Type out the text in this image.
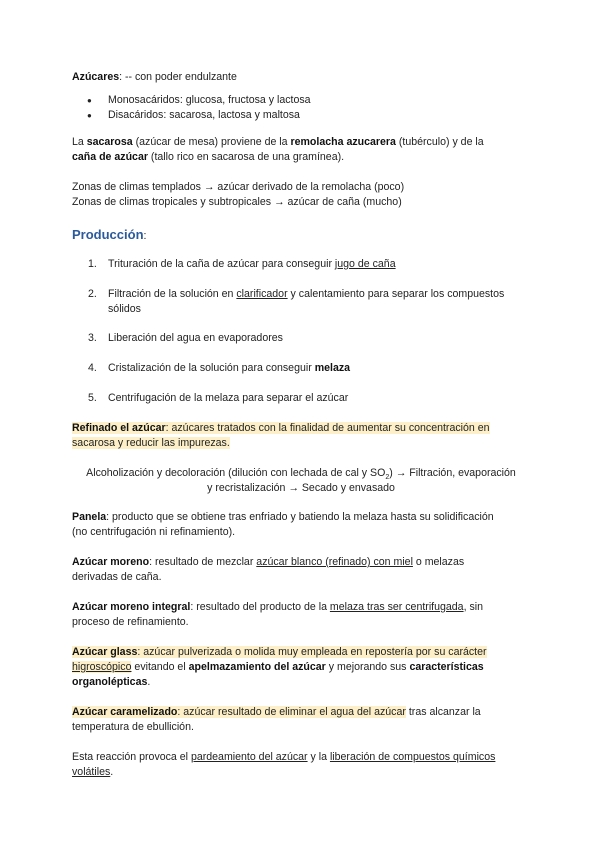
Azúcares: -- con poder endulzante

● Monosacáridos: glucosa, fructosa y lactosa
● Disacáridos: sacarosa, lactosa y maltosa

La sacarosa (azúcar de mesa) proviene de la remolacha azucarera (tubérculo) y de la
caña de azúcar (tallo rico en sacarosa de una gramínea).

Zonas de climas templados → azúcar derivado de la remolacha (poco)
Zonas de climas tropicales y subtropicales → azúcar de caña (mucho)

Producción:

1. Trituración de la caña de azúcar para conseguir jugo de caña
2. Filtración de la solución en clarificador y calentamiento para separar los compuestos
sólidos
3. Liberación del agua en evaporadores
4. Cristalización de la solución para conseguir melaza
5. Centrifugación de la melaza para separar el azúcar

Refinado el azúcar: azúcares tratados con la finalidad de aumentar su concentración en
sacarosa y reducir las impurezas.

Alcoholización y decoloración (dilución con lechada de cal y $SO_2$) → Filtración, evaporación
y recristalización → Secado y envasado

Panela: producto que se obtiene tras enfriado y batiendo la melaza hasta su solidificación
(no centrifugación ni refinamiento).

Azúcar moreno: resultado de mezclar azúcar blanco (refinado) con miel o melazas
derivadas de caña.

Azúcar moreno integral: resultado del producto de la melaza tras ser centrifugada, sin
proceso de refinamiento.

Azúcar glass: azúcar pulverizada o molida muy empleada en repostería por su carácter
higroscópico evitando el apelmazamiento del azúcar y mejorando sus características
organolépticas.

Azúcar caramelizado: azúcar resultado de eliminar el agua del azúcar tras alcanzar la
temperatura de ebullición.

Esta reacción provoca el pardeamiento del azúcar y la liberación de compuestos químicos
volátiles.
